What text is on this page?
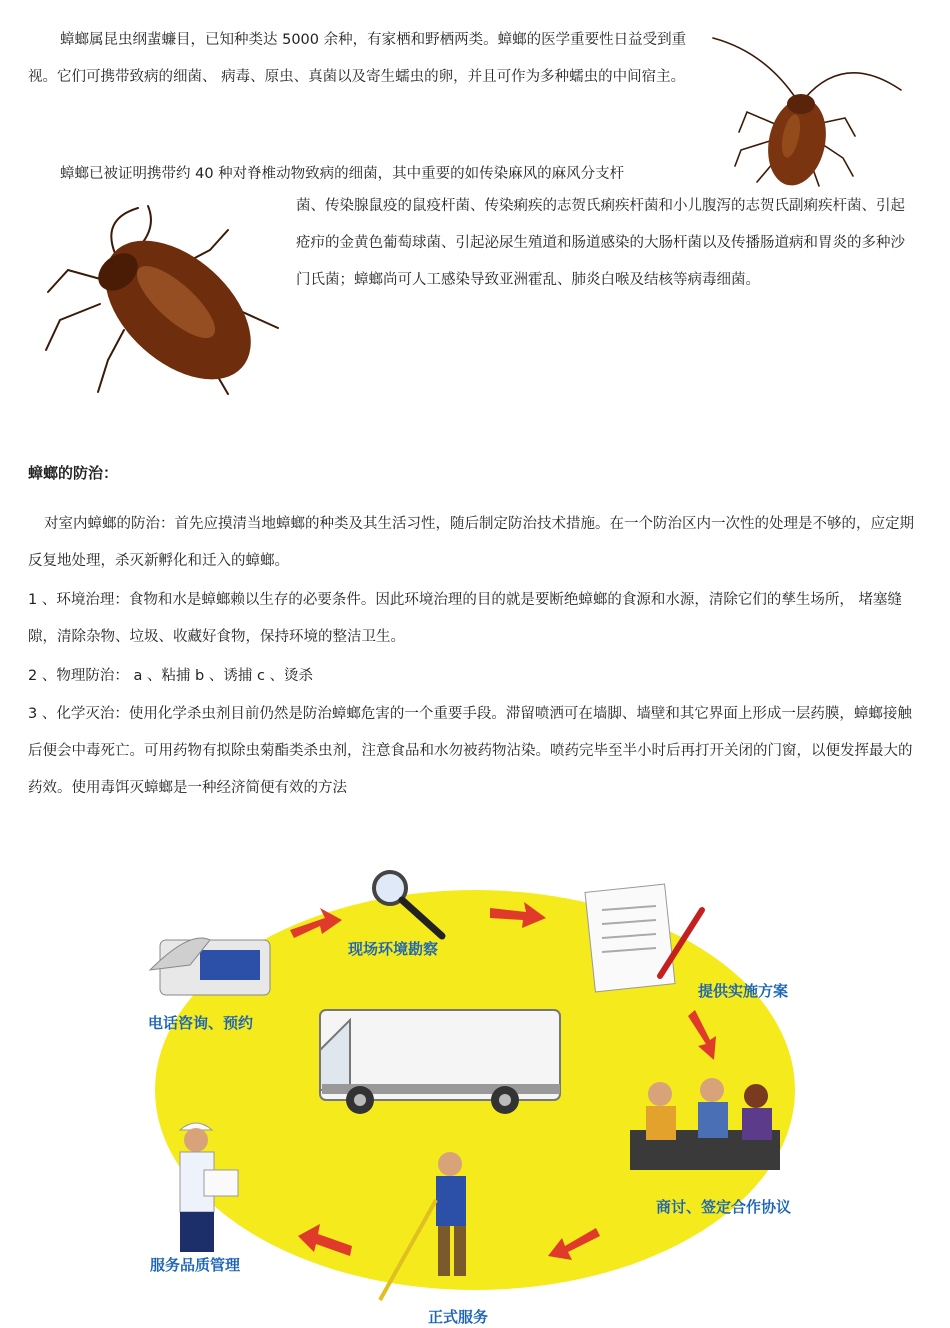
蟑螂属昆虫纲蜚蠊目，已知种类达 5000 余种，有家栖和野栖两类。蟑螂的医学重要性日益受到重视。它们可携带致病的细菌、 病毒、原虫、真菌以及寄生蠕虫的卵，并且可作为多种蠕虫的中间宿主。
蟑螂已被证明携带约 40 种对脊椎动物致病的细菌，其中重要的如传染麻风的麻风分支杆
菌、传染腺鼠疫的鼠疫杆菌、传染痢疾的志贺氏痢疾杆菌和小儿腹泻的志贺氏副痢疾杆菌、引起疮疖的金黄色葡萄球菌、引起泌尿生殖道和肠道感染的大肠杆菌以及传播肠道病和胃炎的多种沙门氏菌；蟑螂尚可人工感染导致亚洲霍乱、肺炎白喉及结核等病毒细菌。
蟑螂的防治：
对室内蟑螂的防治：首先应摸清当地蟑螂的种类及其生活习性，随后制定防治技术措施。在一个防治区内一次性的处理是不够的，应定期反复地处理，杀灭新孵化和迁入的蟑螂。
1 、环境治理：食物和水是蟑螂赖以生存的必要条件。因此环境治理的目的就是要断绝蟑螂的食源和水源，清除它们的孳生场所， 堵塞缝隙，清除杂物、垃圾、收藏好食物，保持环境的整洁卫生。
2 、物理防治： a 、粘捕 b 、诱捕 c 、烫杀
3 、化学灭治：使用化学杀虫剂目前仍然是防治蟑螂危害的一个重要手段。滞留喷洒可在墙脚、墙壁和其它界面上形成一层药膜，蟑螂接触后便会中毒死亡。可用药物有拟除虫菊酯类杀虫剂，注意食品和水勿被药物沾染。喷药完毕至半小时后再打开关闭的门窗，以便发挥最大的药效。使用毒饵灭蟑螂是一种经济简便有效的方法
电话咨询、预约
现场环境勘察
提供实施方案
商讨、签定合作协议
正式服务
服务品质管理
